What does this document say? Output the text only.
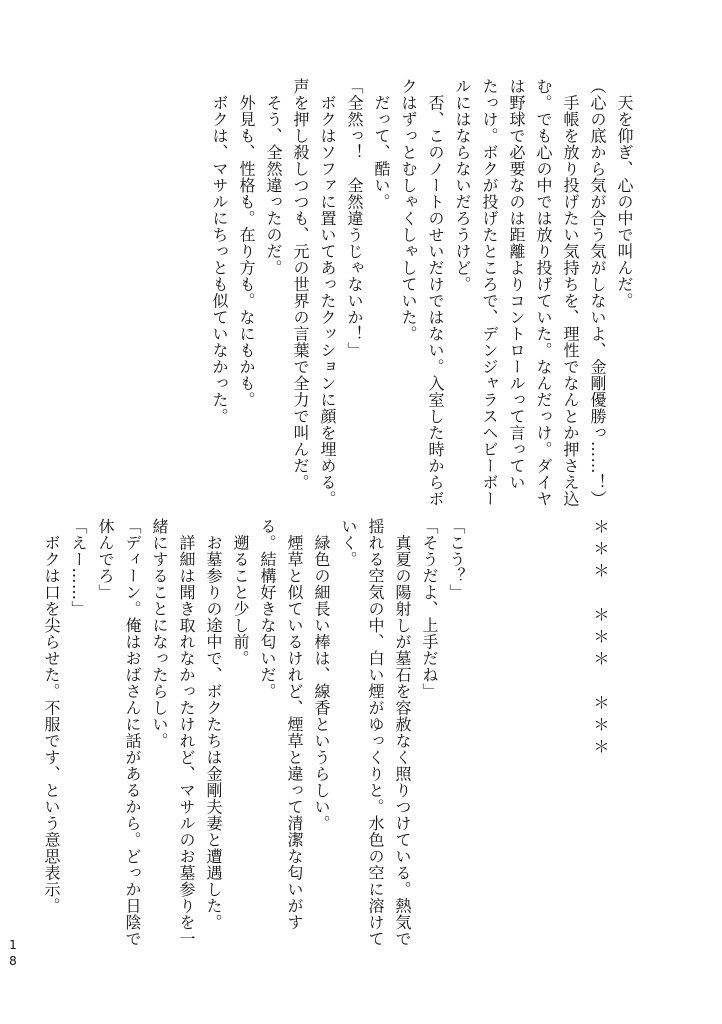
　天を仰ぎ、心の中で叫んだ。
（心の底から気が合う気がしないよ、金剛優勝っ……！）
　手帳を放り投げたい気持ちを、理性でなんとか押さえ込
む。でも心の中では放り投げていた。なんだっけ。ダイヤ
は野球で必要なのは距離よりコントロールって言ってい
たっけ。ボクが投げたところで、デンジャラスヘビーボー
ルにはならないだろうけど。
　否、このノートのせいだけではない。入室した時からボ
クはずっとむしゃくしゃしていた。
　だって、酷い。
「全然っ！　全然違うじゃないか！」
　ボクはソファに置いてあったクッションに顔を埋める。
声を押し殺しつつも、元の世界の言葉で全力で叫んだ。
　そう、全然違ったのだ。
　外見も、性格も。在り方も。なにもかも。
　ボクは、マサルにちっとも似ていなかった。
＊＊＊　＊＊＊　＊＊＊
「こう？」
「そうだよ、上手だね」
　真夏の陽射しが墓石を容赦なく照りつけている。熱気で
揺れる空気の中、白い煙がゆっくりと。水色の空に溶けて
いく。
　緑色の細長い棒は、線香というらしい。
　煙草と似ているけれど、煙草と違って清潔な匂いがす
る。結構好きな匂いだ。
　遡ること少し前。
　お墓参りの途中で、ボクたちは金剛夫妻と遭遇した。
　詳細は聞き取れなかったけれど、マサルのお墓参りを一
緒にすることになったらしい。
「ディーン。俺はおばさんに話があるから。どっか日陰で
休んでろ」
「えー……」
　ボクは口を尖らせた。不服です、という意思表示。
18
